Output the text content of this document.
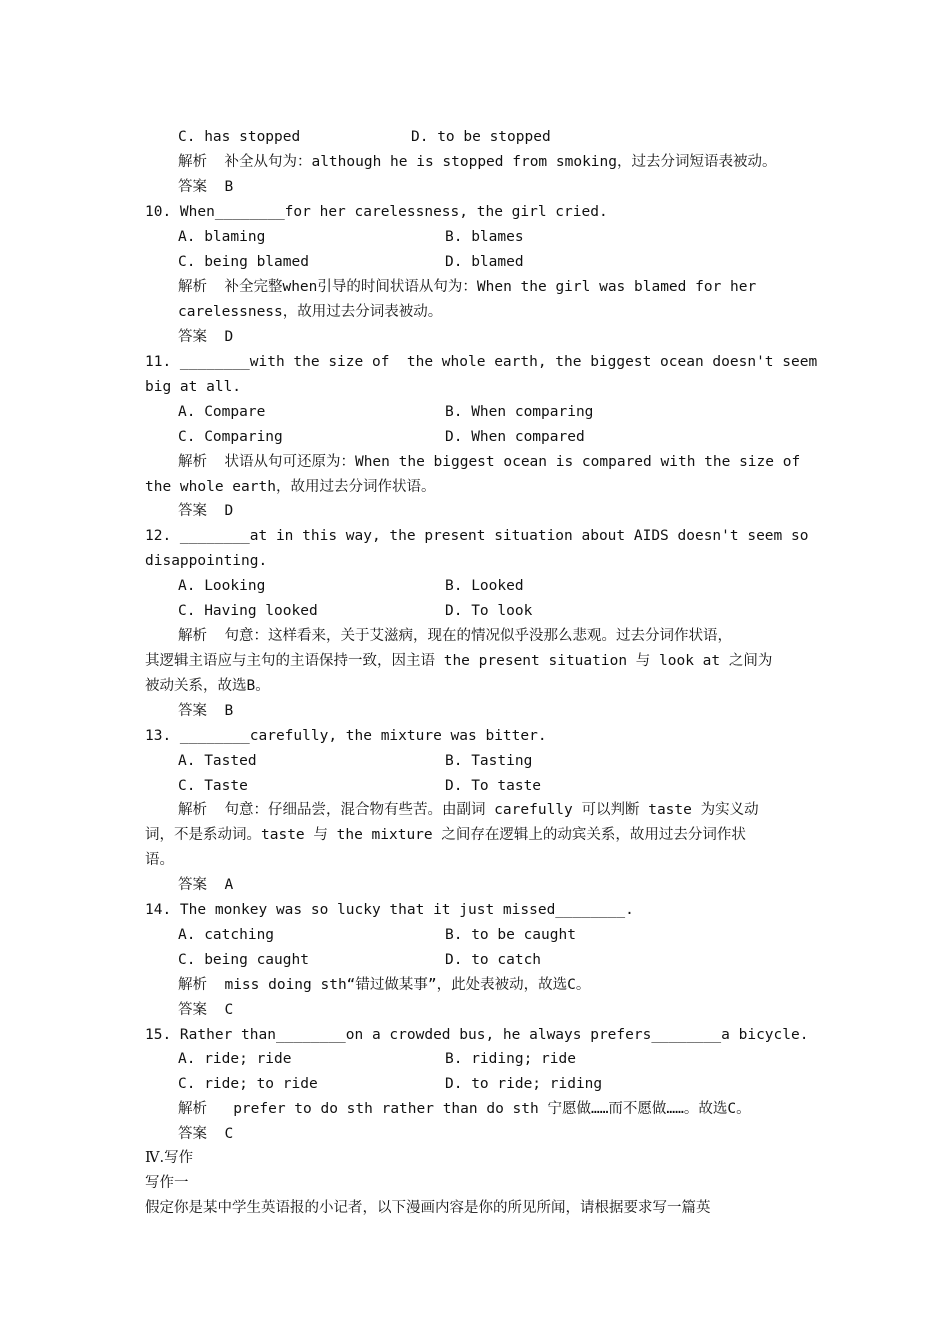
C. has stopped	D. to be stopped
解析  补全从句为：although he is stopped from smoking，过去分词短语表被动。
答案  B
10. When________for her carelessness, the girl cried.
A. blaming	B. blames
C. being blamed	D. blamed
解析  补全完整when引导的时间状语从句为：When the girl was blamed for her
carelessness，故用过去分词表被动。
答案  D
11. ________with the size of  the whole earth, the biggest ocean doesn't seem
big at all.
A. Compare	B. When comparing
C. Comparing	D. When compared
解析  状语从句可还原为：When the biggest ocean is compared with the size of
the whole earth，故用过去分词作状语。
答案  D
12. ________at in this way, the present situation about AIDS doesn't seem so
disappointing.
A. Looking	B. Looked
C. Having looked	D. To look
解析  句意：这样看来，关于艾滋病，现在的情况似乎没那么悲观。过去分词作状语，
其逻辑主语应与主句的主语保持一致，因主语 the present situation 与 look at 之间为
被动关系，故选B。
答案  B
13. ________carefully, the mixture was bitter.
A. Tasted	B. Tasting
C. Taste	D. To taste
解析  句意：仔细品尝，混合物有些苦。由副词 carefully 可以判断 taste 为实义动
词，不是系动词。taste 与 the mixture 之间存在逻辑上的动宾关系，故用过去分词作状
语。
答案  A
14. The monkey was so lucky that it just missed________.
A. catching	B. to be caught
C. being caught	D. to catch
解析  miss doing sth“错过做某事”，此处表被动，故选C。
答案  C
15. Rather than________on a crowded bus, he always prefers________a bicycle.
A. ride; ride	B. riding; ride
C. ride; to ride	D. to ride; riding
解析   prefer to do sth rather than do sth 宁愿做……而不愿做……。故选C。
答案  C
Ⅳ.写作
写作一
假定你是某中学生英语报的小记者，以下漫画内容是你的所见所闻，请根据要求写一篇英
